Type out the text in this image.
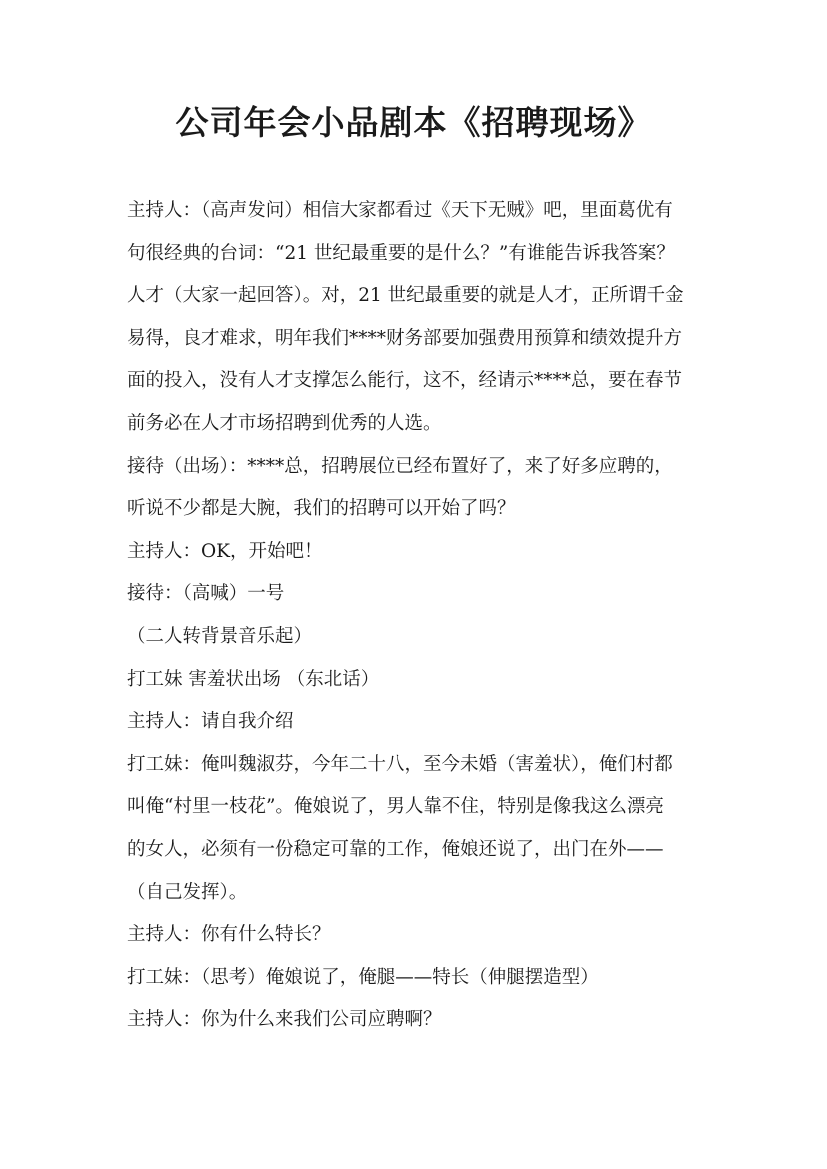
公司年会小品剧本《招聘现场》

主持人：（高声发问）相信大家都看过《天下无贼》吧，里面葛优有

句很经典的台词：“21 世纪最重要的是什么？”有谁能告诉我答案？

人才（大家一起回答）。对，21 世纪最重要的就是人才，正所谓千金

易得，良才难求，明年我们****财务部要加强费用预算和绩效提升方

面的投入，没有人才支撑怎么能行，这不，经请示****总，要在春节

前务必在人才市场招聘到优秀的人选。

接待（出场）：****总，招聘展位已经布置好了，来了好多应聘的，

听说不少都是大腕，我们的招聘可以开始了吗？

主持人：OK，开始吧！

接待：（高喊）一号

（二人转背景音乐起）

打工妹 害羞状出场 （东北话）

主持人：请自我介绍

打工妹：俺叫魏淑芬，今年二十八，至今未婚（害羞状），俺们村都

叫俺“村里一枝花”。俺娘说了，男人靠不住，特别是像我这么漂亮

的女人，必须有一份稳定可靠的工作，俺娘还说了，出门在外——

（自己发挥）。

主持人：你有什么特长？

打工妹：（思考）俺娘说了，俺腿——特长（伸腿摆造型）

主持人：你为什么来我们公司应聘啊？
